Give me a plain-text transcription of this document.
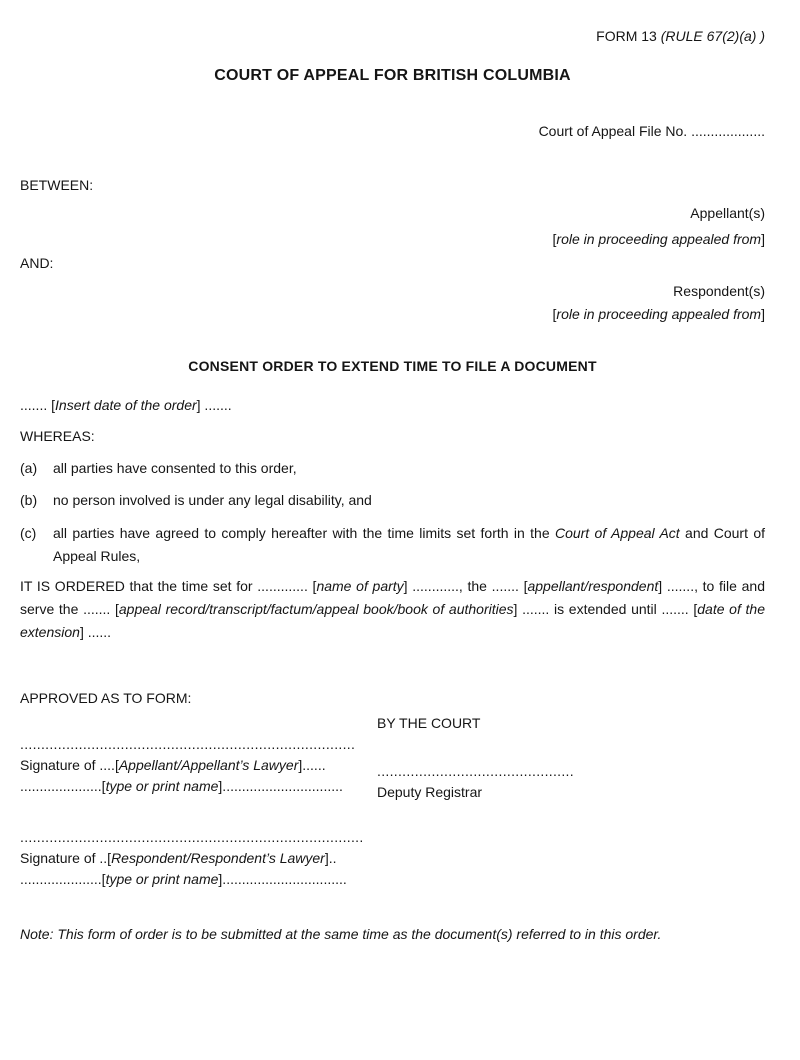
FORM 13 (RULE 67(2)(a) )
COURT OF APPEAL FOR BRITISH COLUMBIA
Court of Appeal File No. ...................
BETWEEN:
Appellant(s)
[role in proceeding appealed from]
AND:
Respondent(s)
[role in proceeding appealed from]
CONSENT ORDER TO EXTEND TIME TO FILE A DOCUMENT
....... [Insert date of the order] .......
WHEREAS:
(a) all parties have consented to this order,
(b) no person involved is under any legal disability, and
(c) all parties have agreed to comply hereafter with the time limits set forth in the Court of Appeal Act and Court of Appeal Rules,

IT IS ORDERED that the time set for ............. [name of party] ............, the ....... [appellant/respondent] ......., to file and serve the ....... [appeal record/transcript/factum/appeal book/book of authorities] ....... is extended until ....... [date of the extension] ......

APPROVED AS TO FORM:
BY THE COURT
................................................................................
Signature of ....[Appellant/Appellant’s Lawyer]......
.....................[type or print name]...............................
...............................................
Deputy Registrar
..................................................................................
Signature of ..[Respondent/Respondent’s Lawyer]..
.....................[type or print name]................................

Note: This form of order is to be submitted at the same time as the document(s) referred to in this order.
